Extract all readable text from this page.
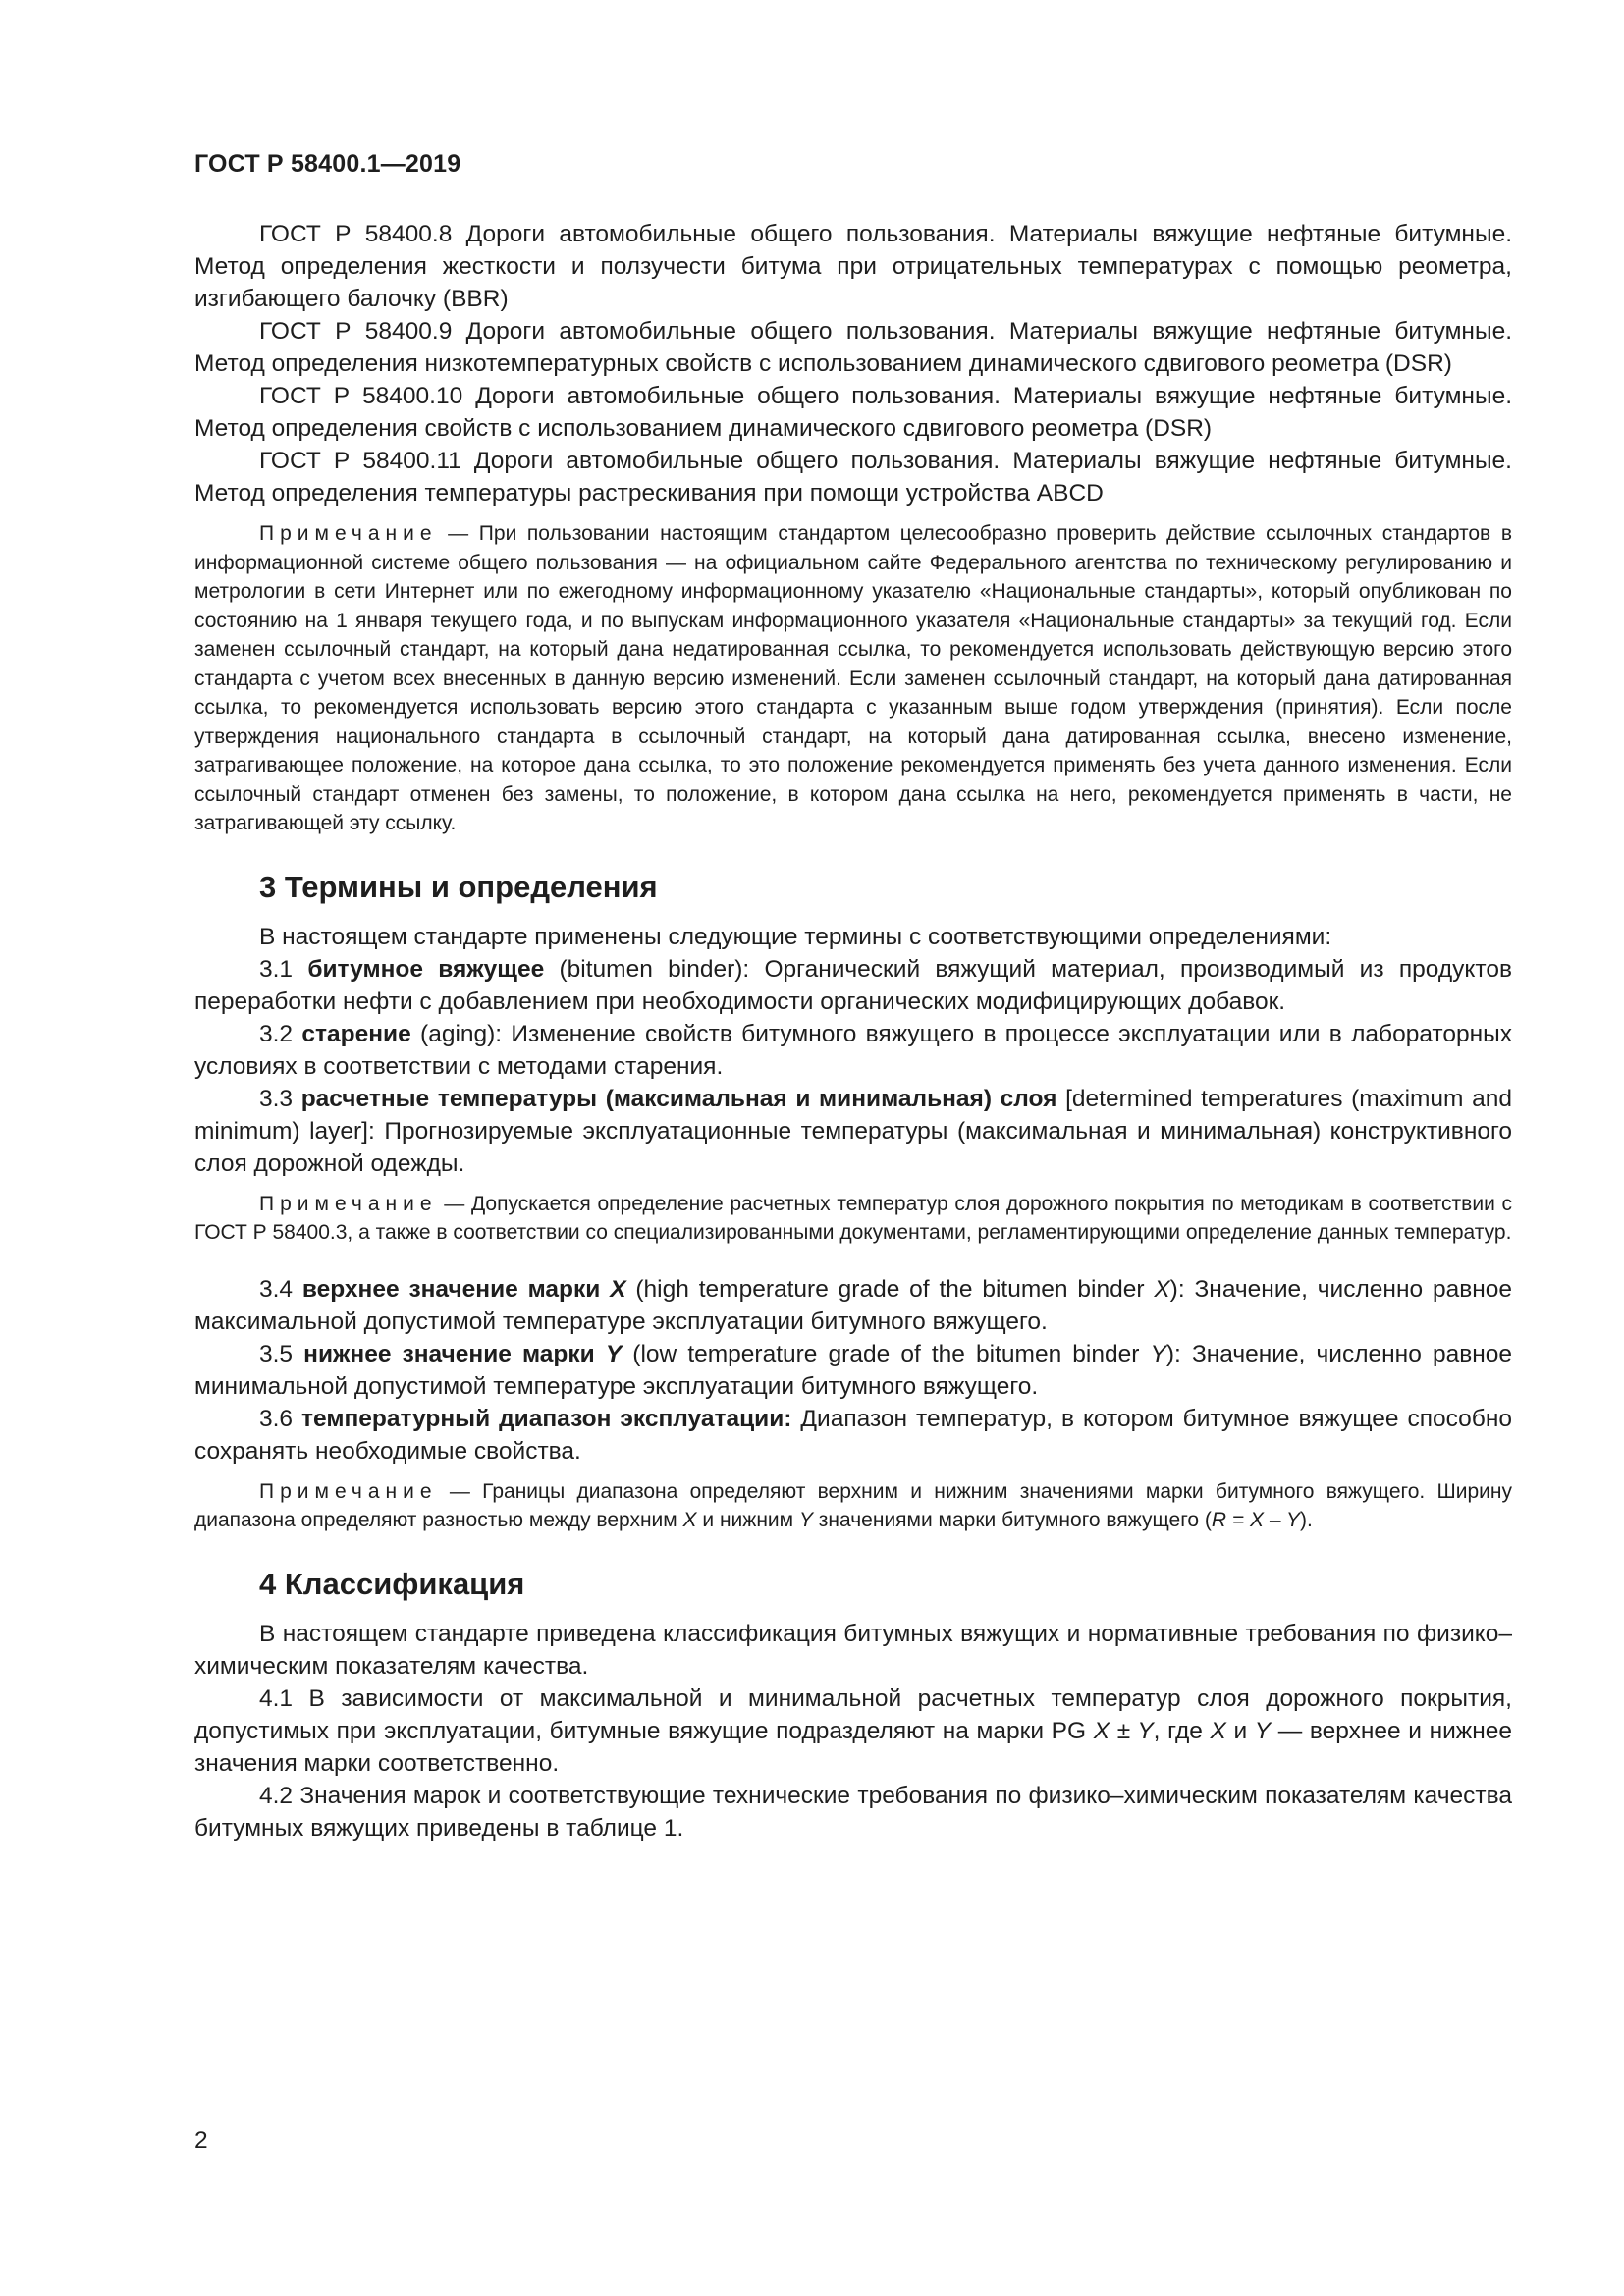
ГОСТ Р 58400.1—2019

ГОСТ Р 58400.8 Дороги автомобильные общего пользования. Материалы вяжущие нефтяные битумные. Метод определения жесткости и ползучести битума при отрицательных температурах с помощью реометра, изгибающего балочку (BBR)

ГОСТ Р 58400.9 Дороги автомобильные общего пользования. Материалы вяжущие нефтяные битумные. Метод определения низкотемпературных свойств с использованием динамического сдвигового реометра (DSR)

ГОСТ Р 58400.10 Дороги автомобильные общего пользования. Материалы вяжущие нефтяные битумные. Метод определения свойств с использованием динамического сдвигового реометра (DSR)

ГОСТ Р 58400.11 Дороги автомобильные общего пользования. Материалы вяжущие нефтяные битумные. Метод определения температуры растрескивания при помощи устройства ABCD

Примечание — При пользовании настоящим стандартом целесообразно проверить действие ссылочных стандартов в информационной системе общего пользования — на официальном сайте Федерального агентства по техническому регулированию и метрологии в сети Интернет или по ежегодному информационному указателю «Национальные стандарты», который опубликован по состоянию на 1 января текущего года, и по выпускам информационного указателя «Национальные стандарты» за текущий год. Если заменен ссылочный стандарт, на который дана недатированная ссылка, то рекомендуется использовать действующую версию этого стандарта с учетом всех внесенных в данную версию изменений. Если заменен ссылочный стандарт, на который дана датированная ссылка, то рекомендуется использовать версию этого стандарта с указанным выше годом утверждения (принятия). Если после утверждения национального стандарта в ссылочный стандарт, на который дана датированная ссылка, внесено изменение, затрагивающее положение, на которое дана ссылка, то это положение рекомендуется применять без учета данного изменения. Если ссылочный стандарт отменен без замены, то положение, в котором дана ссылка на него, рекомендуется применять в части, не затрагивающей эту ссылку.

3 Термины и определения

В настоящем стандарте применены следующие термины с соответствующими определениями:

3.1 битумное вяжущее (bitumen binder): Органический вяжущий материал, производимый из продуктов переработки нефти с добавлением при необходимости органических модифицирующих добавок.

3.2 старение (aging): Изменение свойств битумного вяжущего в процессе эксплуатации или в лабораторных условиях в соответствии с методами старения.

3.3 расчетные температуры (максимальная и минимальная) слоя [determined temperatures (maximum and minimum) layer]: Прогнозируемые эксплуатационные температуры (максимальная и минимальная) конструктивного слоя дорожной одежды.

Примечание — Допускается определение расчетных температур слоя дорожного покрытия по методикам в соответствии с ГОСТ Р 58400.3, а также в соответствии со специализированными документами, регламентирующими определение данных температур.

3.4 верхнее значение марки X (high temperature grade of the bitumen binder X): Значение, численно равное максимальной допустимой температуре эксплуатации битумного вяжущего.

3.5 нижнее значение марки Y (low temperature grade of the bitumen binder Y): Значение, численно равное минимальной допустимой температуре эксплуатации битумного вяжущего.

3.6 температурный диапазон эксплуатации: Диапазон температур, в котором битумное вяжущее способно сохранять необходимые свойства.

Примечание — Границы диапазона определяют верхним и нижним значениями марки битумного вяжущего. Ширину диапазона определяют разностью между верхним X и нижним Y значениями марки битумного вяжущего (R = X – Y).

4 Классификация

В настоящем стандарте приведена классификация битумных вяжущих и нормативные требования по физико–химическим показателям качества.

4.1 В зависимости от максимальной и минимальной расчетных температур слоя дорожного покрытия, допустимых при эксплуатации, битумные вяжущие подразделяют на марки PG X ± Y, где X и Y — верхнее и нижнее значения марки соответственно.

4.2 Значения марок и соответствующие технические требования по физико–химическим показателям качества битумных вяжущих приведены в таблице 1.

2
